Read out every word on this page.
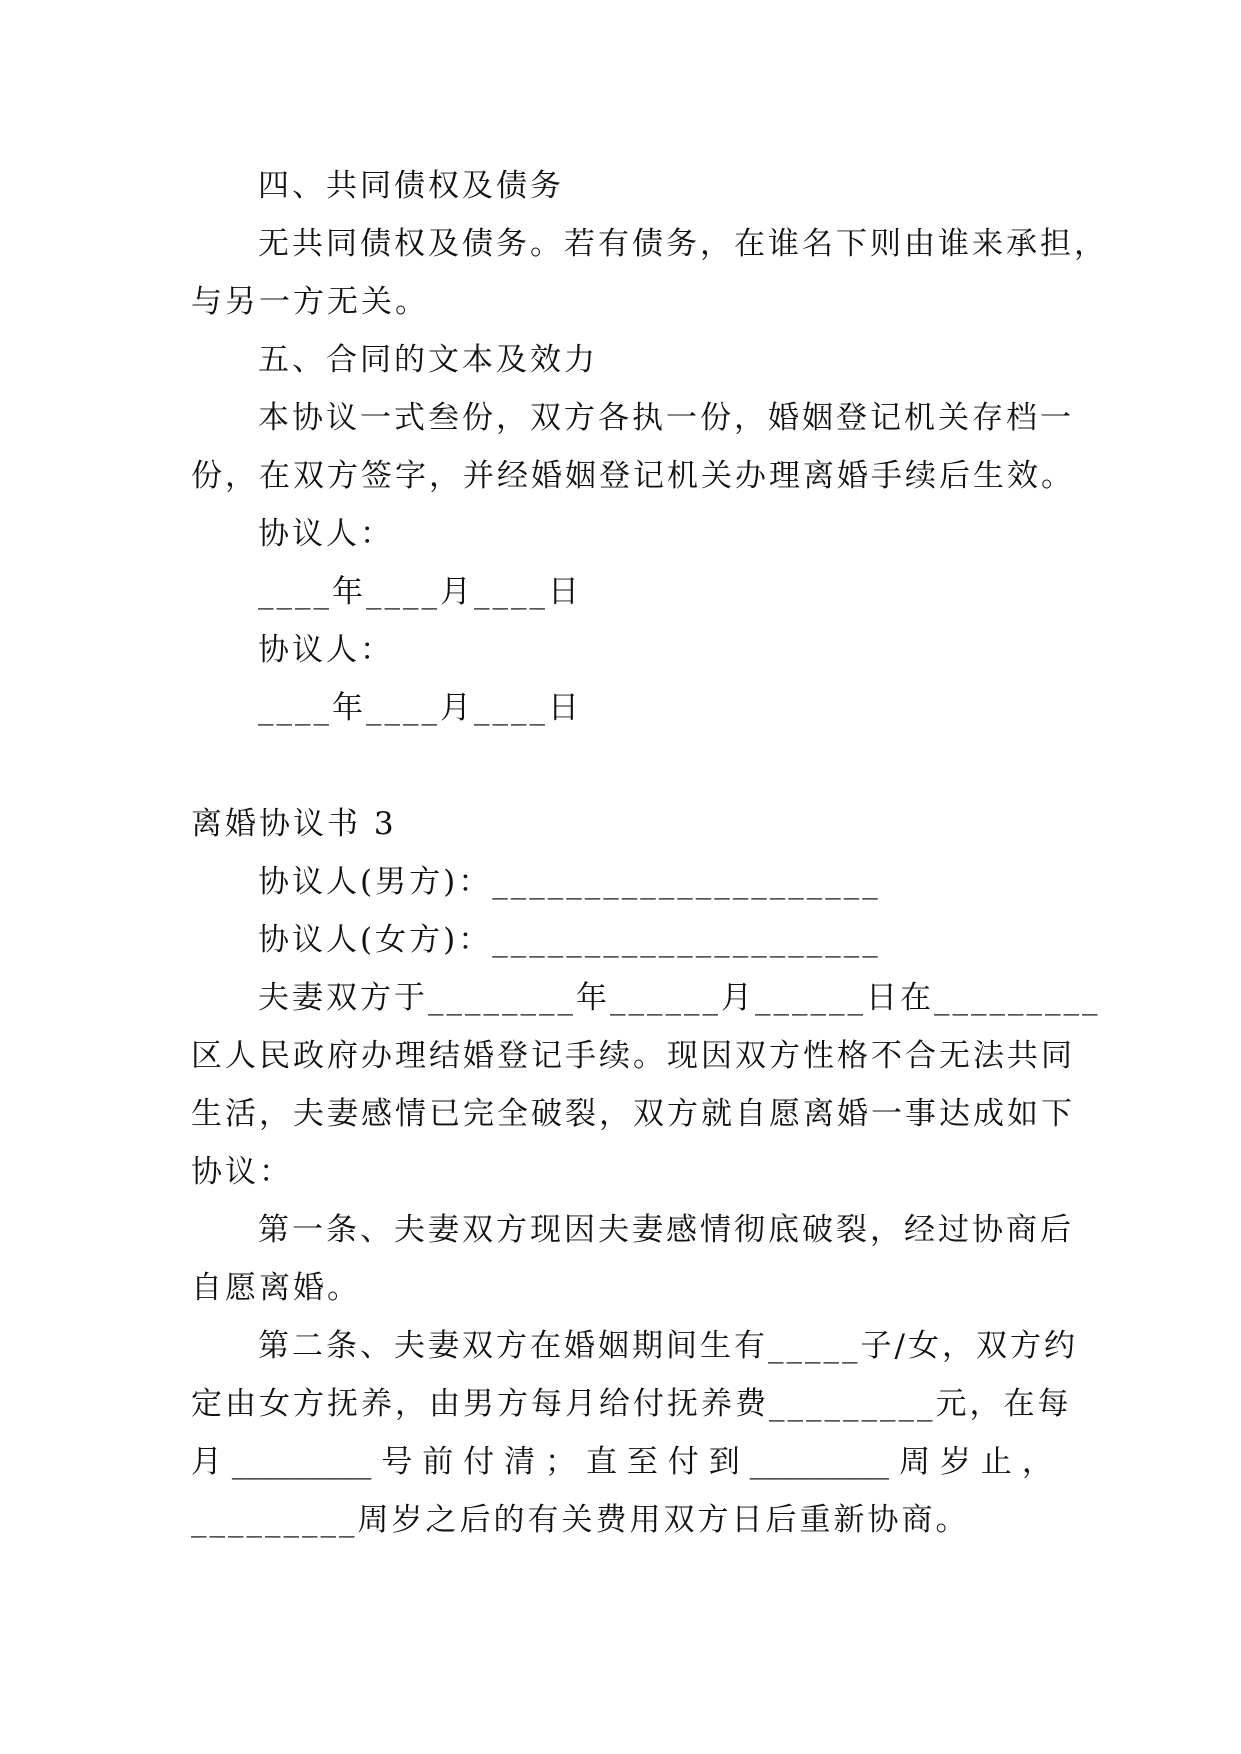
四、共同债权及债务
无共同债权及债务。若有债务，在谁名下则由谁来承担，
与另一方无关。
五、合同的文本及效力
本协议一式叁份，双方各执一份，婚姻登记机关存档一
份，在双方签字，并经婚姻登记机关办理离婚手续后生效。
协议人：
____年____月____日
协议人：
____年____月____日
离婚协议书 3
协议人(男方)：_____________________
协议人(女方)：_____________________
夫妻双方于________年______月______日在_________
区人民政府办理结婚登记手续。现因双方性格不合无法共同
生活，夫妻感情已完全破裂，双方就自愿离婚一事达成如下
协议：
第一条、夫妻双方现因夫妻感情彻底破裂，经过协商后
自愿离婚。
第二条、夫妻双方在婚姻期间生有_____子/女，双方约
定由女方抚养，由男方每月给付抚养费_________元，在每
月 _________ 号 前 付 清 ； 直 至 付 到 _________ 周 岁 止 ，
_________周岁之后的有关费用双方日后重新协商。
